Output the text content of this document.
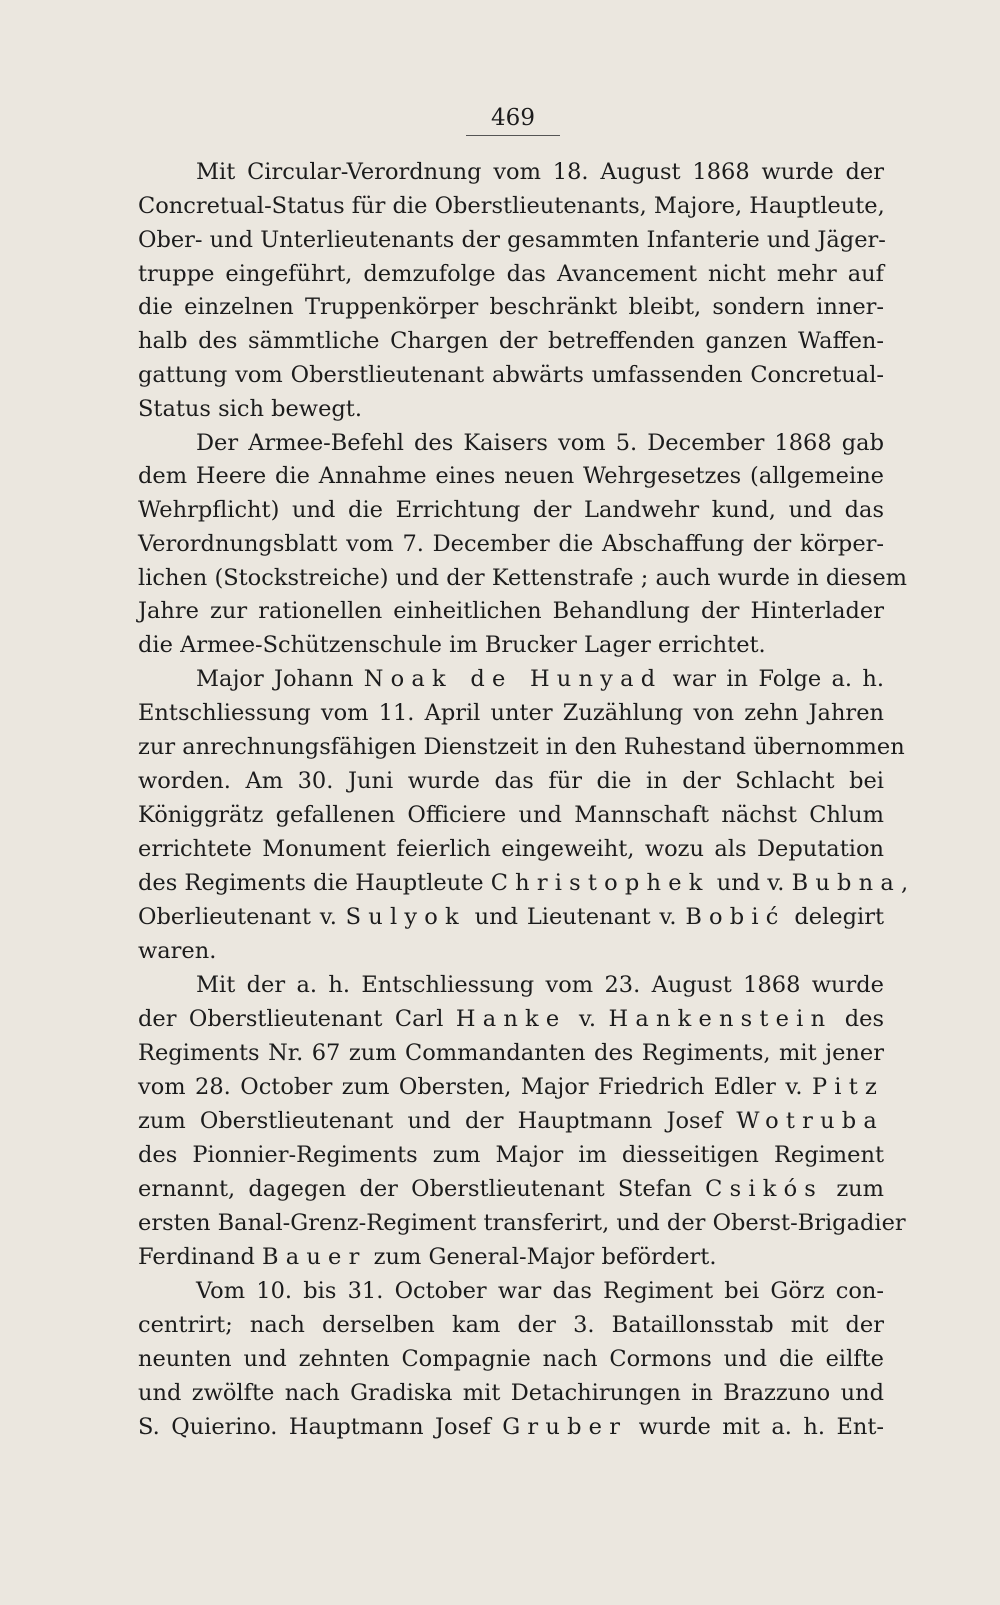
469
Mit Circular-Verordnung vom 18. August 1868 wurde der
Concretual-Status für die Oberstlieutenants, Majore, Hauptleute,
Ober- und Unterlieutenants der gesammten Infanterie und Jäger-
truppe eingeführt, demzufolge das Avancement nicht mehr auf
die einzelnen Truppenkörper beschränkt bleibt, sondern inner-
halb des sämmtliche Chargen der betreffenden ganzen Waffen-
gattung vom Oberstlieutenant abwärts umfassenden Concretual-
Status sich bewegt.
Der Armee-Befehl des Kaisers vom 5. December 1868 gab
dem Heere die Annahme eines neuen Wehrgesetzes (allgemeine
Wehrpflicht) und die Errichtung der Landwehr kund, und das
Verordnungsblatt vom 7. December die Abschaffung der körper-
lichen (Stockstreiche) und der Kettenstrafe ; auch wurde in diesem
Jahre zur rationellen einheitlichen Behandlung der Hinterlader
die Armee-Schützenschule im Brucker Lager errichtet.
Major Johann Noak de Hunyad war in Folge a. h.
Entschliessung vom 11. April unter Zuzählung von zehn Jahren
zur anrechnungsfähigen Dienstzeit in den Ruhestand übernommen
worden. Am 30. Juni wurde das für die in der Schlacht bei
Königgrätz gefallenen Officiere und Mannschaft nächst Chlum
errichtete Monument feierlich eingeweiht, wozu als Deputation
des Regiments die Hauptleute Christophek und v. Bubna,
Oberlieutenant v. Sulyok und Lieutenant v. Bobić delegirt
waren.
Mit der a. h. Entschliessung vom 23. August 1868 wurde
der Oberstlieutenant Carl Hanke v. Hankenstein des
Regiments Nr. 67 zum Commandanten des Regiments, mit jener
vom 28. October zum Obersten, Major Friedrich Edler v. Pitz
zum Oberstlieutenant und der Hauptmann Josef Wotruba
des Pionnier-Regiments zum Major im diesseitigen Regiment
ernannt, dagegen der Oberstlieutenant Stefan Csikós zum
ersten Banal-Grenz-Regiment transferirt, und der Oberst-Brigadier
Ferdinand Bauer zum General-Major befördert.
Vom 10. bis 31. October war das Regiment bei Görz con-
centrirt; nach derselben kam der 3. Bataillonsstab mit der
neunten und zehnten Compagnie nach Cormons und die eilfte
und zwölfte nach Gradiska mit Detachirungen in Brazzuno und
S. Quierino. Hauptmann Josef Gruber wurde mit a. h. Ent-
